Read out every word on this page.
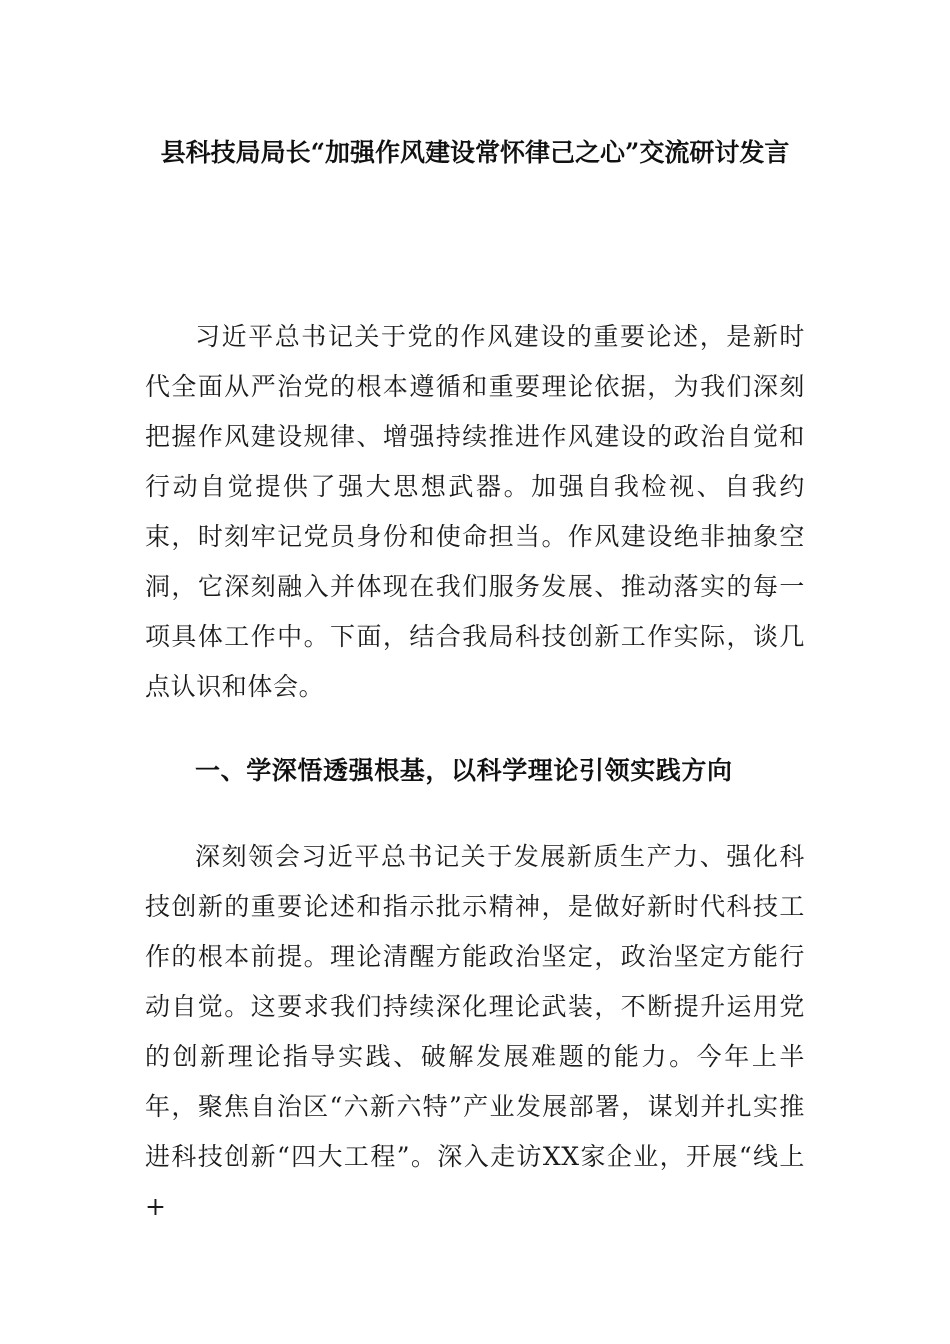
县科技局局长“加强作风建设常怀律己之心”交流研讨发言
习近平总书记关于党的作风建设的重要论述，是新时代全面从严治党的根本遵循和重要理论依据，为我们深刻把握作风建设规律、增强持续推进作风建设的政治自觉和行动自觉提供了强大思想武器。加强自我检视、自我约束，时刻牢记党员身份和使命担当。作风建设绝非抽象空洞，它深刻融入并体现在我们服务发展、推动落实的每一项具体工作中。下面，结合我局科技创新工作实际，谈几点认识和体会。
一、学深悟透强根基，以科学理论引领实践方向
深刻领会习近平总书记关于发展新质生产力、强化科技创新的重要论述和指示批示精神，是做好新时代科技工作的根本前提。理论清醒方能政治坚定，政治坚定方能行动自觉。这要求我们持续深化理论武装，不断提升运用党的创新理论指导实践、破解发展难题的能力。今年上半年，聚焦自治区“六新六特”产业发展部署，谋划并扎实推进科技创新“四大工程”。深入走访XX家企业，开展“线上+
